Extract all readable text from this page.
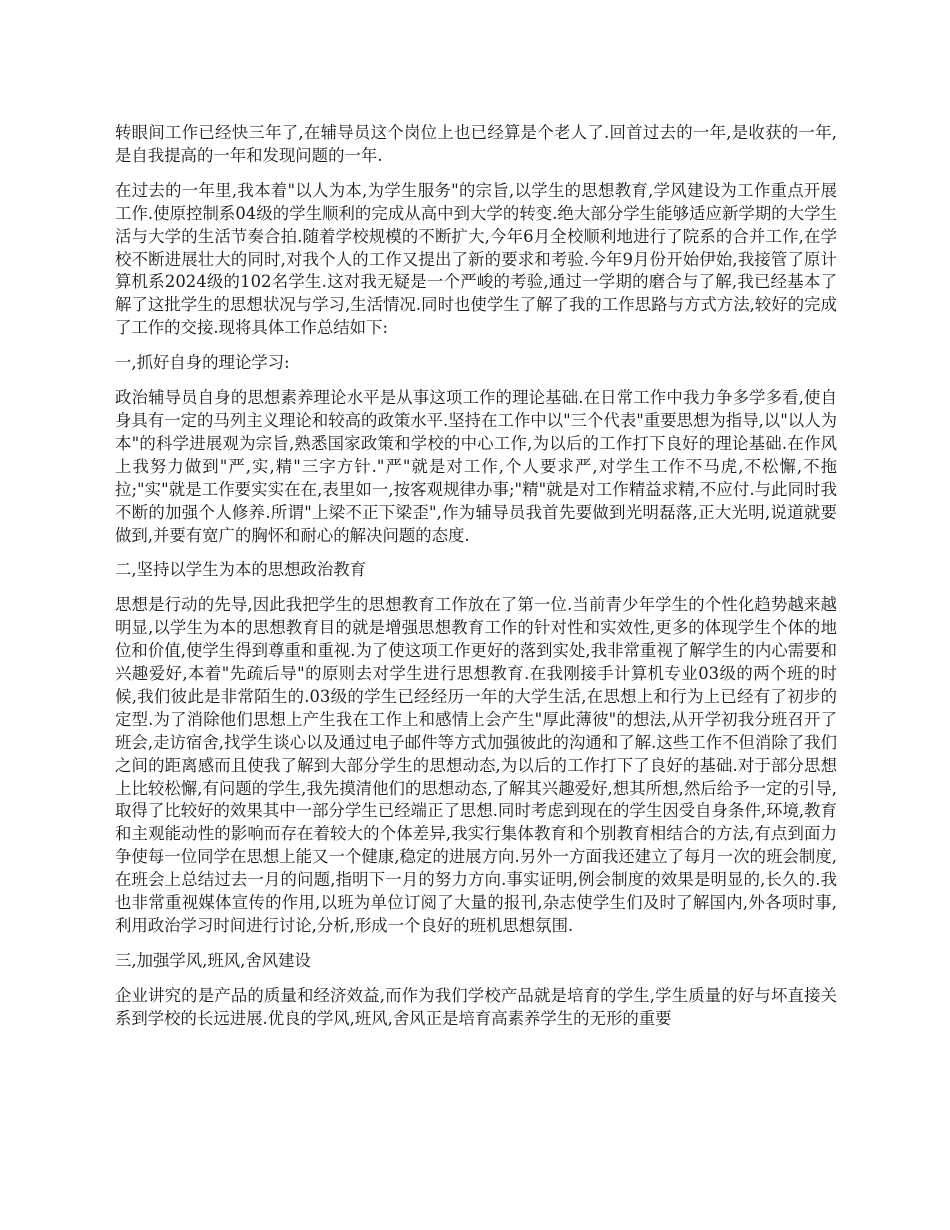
转眼间工作已经快三年了,在辅导员这个岗位上也已经算是个老人了.回首过去的一年,是收获的一年,是自我提高的一年和发现问题的一年.

在过去的一年里,我本着"以人为本,为学生服务"的宗旨,以学生的思想教育,学风建设为工作重点开展工作.使原控制系04级的学生顺利的完成从高中到大学的转变.绝大部分学生能够适应新学期的大学生活与大学的生活节奏合拍.随着学校规模的不断扩大,今年6月全校顺利地进行了院系的合并工作,在学校不断进展壮大的同时,对我个人的工作又提出了新的要求和考验.今年9月份开始伊始,我接管了原计算机系2024级的102名学生.这对我无疑是一个严峻的考验,通过一学期的磨合与了解,我已经基本了解了这批学生的思想状况与学习,生活情况.同时也使学生了解了我的工作思路与方式方法,较好的完成了工作的交接.现将具体工作总结如下:

一,抓好自身的理论学习:

政治辅导员自身的思想素养理论水平是从事这项工作的理论基础.在日常工作中我力争多学多看,使自身具有一定的马列主义理论和较高的政策水平.坚持在工作中以"三个代表"重要思想为指导,以"以人为本"的科学进展观为宗旨,熟悉国家政策和学校的中心工作,为以后的工作打下良好的理论基础.在作风上我努力做到"严,实,精"三字方针."严"就是对工作,个人要求严,对学生工作不马虎,不松懈,不拖拉;"实"就是工作要实实在在,表里如一,按客观规律办事;"精"就是对工作精益求精,不应付.与此同时我不断的加强个人修养.所谓"上梁不正下梁歪",作为辅导员我首先要做到光明磊落,正大光明,说道就要做到,并要有宽广的胸怀和耐心的解决问题的态度.

二,坚持以学生为本的思想政治教育

思想是行动的先导,因此我把学生的思想教育工作放在了第一位.当前青少年学生的个性化趋势越来越明显,以学生为本的思想教育目的就是增强思想教育工作的针对性和实效性,更多的体现学生个体的地位和价值,使学生得到尊重和重视.为了使这项工作更好的落到实处,我非常重视了解学生的内心需要和兴趣爱好,本着"先疏后导"的原则去对学生进行思想教育.在我刚接手计算机专业03级的两个班的时候,我们彼此是非常陌生的.03级的学生已经经历一年的大学生活,在思想上和行为上已经有了初步的定型.为了消除他们思想上产生我在工作上和感情上会产生"厚此薄彼"的想法,从开学初我分班召开了班会,走访宿舍,找学生谈心以及通过电子邮件等方式加强彼此的沟通和了解.这些工作不但消除了我们之间的距离感而且使我了解到大部分学生的思想动态,为以后的工作打下了良好的基础.对于部分思想上比较松懈,有问题的学生,我先摸清他们的思想动态,了解其兴趣爱好,想其所想,然后给予一定的引导,取得了比较好的效果其中一部分学生已经端正了思想.同时考虑到现在的学生因受自身条件,环境,教育和主观能动性的影响而存在着较大的个体差异,我实行集体教育和个别教育相结合的方法,有点到面力争使每一位同学在思想上能又一个健康,稳定的进展方向.另外一方面我还建立了每月一次的班会制度,在班会上总结过去一月的问题,指明下一月的努力方向.事实证明,例会制度的效果是明显的,长久的.我也非常重视媒体宣传的作用,以班为单位订阅了大量的报刊,杂志使学生们及时了解国内,外各项时事,利用政治学习时间进行讨论,分析,形成一个良好的班机思想氛围.

三,加强学风,班风,舍风建设

企业讲究的是产品的质量和经济效益,而作为我们学校产品就是培育的学生,学生质量的好与坏直接关系到学校的长远进展.优良的学风,班风,舍风正是培育高素养学生的无形的重要
